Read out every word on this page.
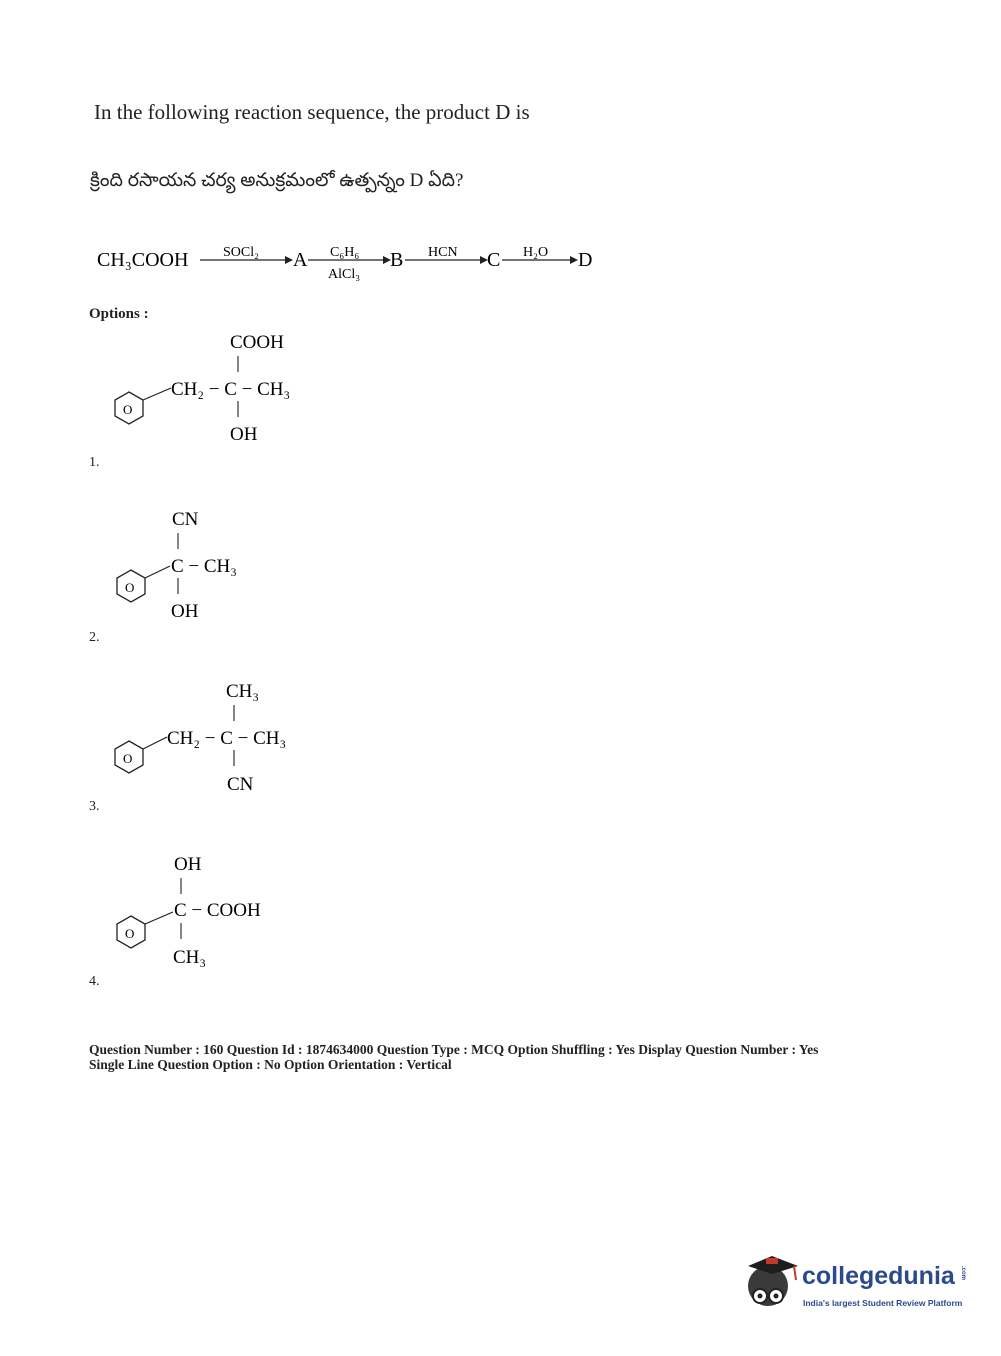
In the following reaction sequence, the product D is
క్రింది రసాయన చర్య అనుక్రమంలో ఉత్పన్నం D ఏది?
CH₃COOH SOCl₂ A C₆H₆
AlCl₃
B HCN C H₂O D
Options :
O
COOH
CH₂ − C − CH₃
OH
1.
O
CN
C − CH₃
OH
2.
O
CH₃
CH₂ − C − CH₃
CN
3.
O
OH
C − COOH
CH₃
4.
Question Number : 160 Question Id : 1874634000 Question Type : MCQ Option Shuffling : Yes Display Question Number : Yes
Single Line Question Option : No Option Orientation : Vertical
collegedunia .com
India's largest Student Review Platform
